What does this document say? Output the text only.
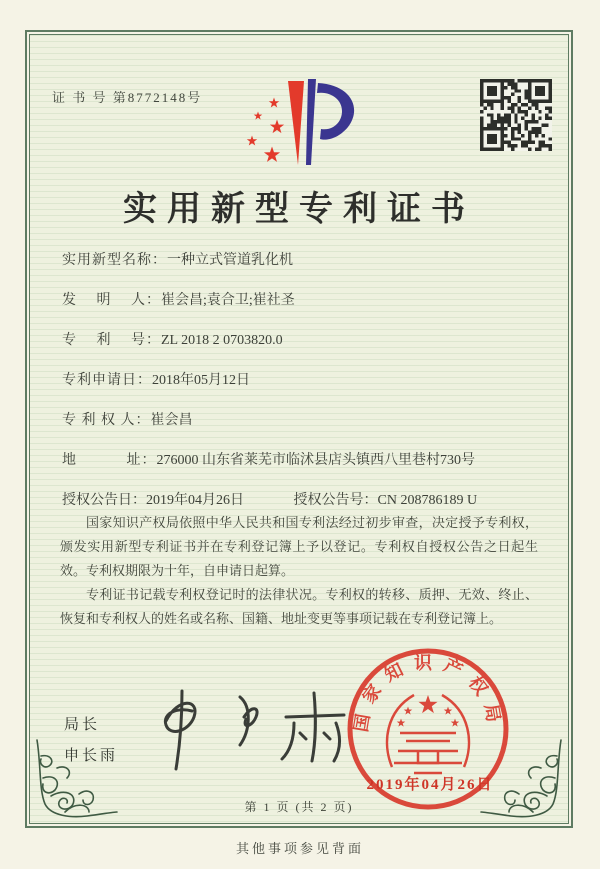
证 书 号 第8772148号
实用新型专利证书
实用新型名称：一种立式管道乳化机
发　 明　 人：崔会昌;袁合卫;崔社圣
专　 利　 号：ZL 2018 2 0703820.0
专利申请日：2018年05月12日
专 利 权 人：崔会昌
地　　　 址：276000 山东省莱芜市临沭县店头镇西八里巷村730号
授权公告日：2019年04月26日	授权公告号：CN 208786189 U

国家知识产权局依照中华人民共和国专利法经过初步审查，决定授予专利权，颁发实用新型专利证书并在专利登记簿上予以登记。专利权自授权公告之日起生效。专利权期限为十年，自申请日起算。

专利证书记载专利权登记时的法律状况。专利权的转移、质押、无效、终止、恢复和专利权人的姓名或名称、国籍、地址变更等事项记载在专利登记簿上。

局长
申长雨
国家知识产权局
2019年04月26日
第 1 页 (共 2 页)
其他事项参见背面
